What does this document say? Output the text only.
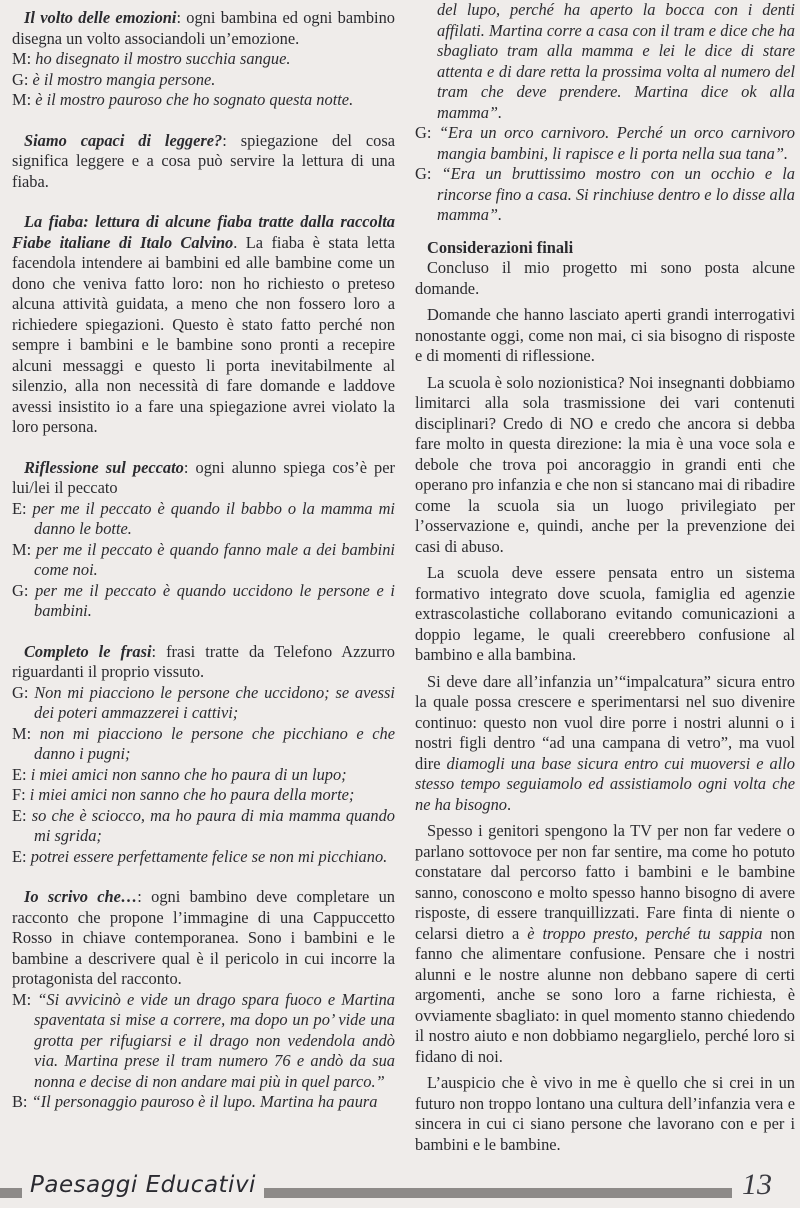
Il volto delle emozioni: ogni bambina ed ogni bambino disegna un volto associandoli un’emozione.

M: ho disegnato il mostro succhia sangue.

G: è il mostro mangia persone.

M: è il mostro pauroso che ho sognato questa notte.

Siamo capaci di leggere?: spiegazione del cosa significa leggere e a cosa può servire la lettura di una fiaba.

La fiaba: lettura di alcune fiaba tratte dalla raccolta Fiabe italiane di Italo Calvino. La fiaba è stata letta facendola intendere ai bambini ed alle bambine come un dono che veniva fatto loro: non ho richiesto o preteso alcuna attività guidata, a meno che non fossero loro a richiedere spiegazioni. Questo è stato fatto perché non sempre i bambini e le bambine sono pronti a recepire alcuni messaggi e questo li porta inevitabilmente al silenzio, alla non necessità di fare domande e laddove avessi insistito io a fare una spiegazione avrei violato la loro persona.

Riflessione sul peccato: ogni alunno spiega cos’è per lui/lei il peccato

E: per me il peccato è quando il babbo o la mamma mi danno le botte.

M: per me il peccato è quando fanno male a dei bambini come noi.

G: per me il peccato è quando uccidono le persone e i bambini.

Completo le frasi: frasi tratte da Telefono Azzurro riguardanti il proprio vissuto.

G: Non mi piacciono le persone che uccidono; se avessi dei poteri ammazzerei i cattivi;

M: non mi piacciono le persone che picchiano e che danno i pugni;

E: i miei amici non sanno che ho paura di un lupo;

F: i miei amici non sanno che ho paura della morte;

E: so che è sciocco, ma ho paura di mia mamma quando mi sgrida;

E: potrei essere perfettamente felice se non mi picchiano.

Io scrivo che…: ogni bambino deve completare un racconto che propone l’immagine di una Cappuccetto Rosso in chiave contemporanea. Sono i bambini e le bambine a descrivere qual è il pericolo in cui incorre la protagonista del racconto.

M: “Si avvicinò e vide un drago spara fuoco e Martina spaventata si mise a correre, ma dopo un po’ vide una grotta per rifugiarsi e il drago non vedendola andò via. Martina prese il tram numero 76 e andò da sua nonna e decise di non andare mai più in quel parco.”

B: “Il personaggio pauroso è il lupo. Martina ha paura

del lupo, perché ha aperto la bocca con i denti affilati. Martina corre a casa con il tram e dice che ha sbagliato tram alla mamma e lei le dice di stare attenta e di dare retta la prossima volta al numero del tram che deve prendere. Martina dice ok alla mamma”.

G: “Era un orco carnivoro. Perché un orco carnivoro mangia bambini, li rapisce e li porta nella sua tana”.

G: “Era un bruttissimo mostro con un occhio e la rincorse fino a casa. Si rinchiuse dentro e lo disse alla mamma”.

Considerazioni finali

Concluso il mio progetto mi sono posta alcune domande.

Domande che hanno lasciato aperti grandi interrogativi nonostante oggi, come non mai, ci sia bisogno di risposte e di momenti di riflessione.

La scuola è solo nozionistica? Noi insegnanti dobbiamo limitarci alla sola trasmissione dei vari contenuti disciplinari? Credo di NO e credo che ancora si debba fare molto in questa direzione: la mia è una voce sola e debole che trova poi ancoraggio in grandi enti che operano pro infanzia e che non si stancano mai di ribadire come la scuola sia un luogo privilegiato per l’osservazione e, quindi, anche per la prevenzione dei casi di abuso.

La scuola deve essere pensata entro un sistema formativo integrato dove scuola, famiglia ed agenzie extrascolastiche collaborano evitando comunicazioni a doppio legame, le quali creerebbero confusione al bambino e alla bambina.

Si deve dare all’infanzia un’“impalcatura” sicura entro la quale possa crescere e sperimentarsi nel suo divenire continuo: questo non vuol dire porre i nostri alunni o i nostri figli dentro “ad una campana di vetro”, ma vuol dire diamogli una base sicura entro cui muoversi e allo stesso tempo seguiamolo ed assistiamolo ogni volta che ne ha bisogno.

Spesso i genitori spengono la TV per non far vedere o parlano sottovoce per non far sentire, ma come ho potuto constatare dal percorso fatto i bambini e le bambine sanno, conoscono e molto spesso hanno bisogno di avere risposte, di essere tranquillizzati. Fare finta di niente o celarsi dietro a è troppo presto, perché tu sappia non fanno che alimentare confusione. Pensare che i nostri alunni e le nostre alunne non debbano sapere di certi argomenti, anche se sono loro a farne richiesta, è ovviamente sbagliato: in quel momento stanno chiedendo il nostro aiuto e non dobbiamo negarglielo, perché loro si fidano di noi.

L’auspicio che è vivo in me è quello che si crei in un futuro non troppo lontano una cultura dell’infanzia vera e sincera in cui ci siano persone che lavorano con e per i bambini e le bambine.

Paesaggi Educativi	13
